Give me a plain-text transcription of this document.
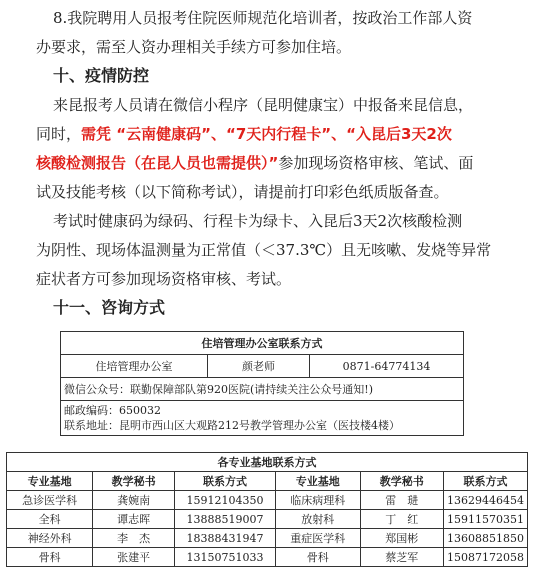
8.我院聘用人员报考住院医师规范化培训者，按政治工作部人资
办要求，需至人资办理相关手续方可参加住培。
十、疫情防控
来昆报考人员请在微信小程序（昆明健康宝）中报备来昆信息，
同时，需凭 “云南健康码”、“7天内行程卡”、“入昆后3天2次
核酸检测报告（在昆人员也需提供）”参加现场资格审核、笔试、面
试及技能考核（以下简称考试），请提前打印彩色纸质版备查。
考试时健康码为绿码、行程卡为绿卡、入昆后3天2次核酸检测
为阴性、现场体温测量为正常值（＜37.3℃）且无咳嗽、发烧等异常
症状者方可参加现场资格审核、考试。
十一、咨询方式
住培管理办公室联系方式
住培管理办公室	颜老师	0871-64774134
微信公众号：联勤保障部队第920医院(请持续关注公众号通知!)

邮政编码：650032
联系地址：昆明市西山区大观路212号教学管理办公室（医技楼4楼）
各专业基地联系方式					
专业基地	教学秘书	联系方式	专业基地	教学秘书	联系方式
急诊医学科	龚婉南	15912104350	临床病理科	雷　琎	13629446454
全科	谭志晖	13888519007	放射科	丁　红	15911570351
神经外科	李　杰	18388431947	重症医学科	郑国彬	13608851850
骨科	张建平	13150751033	骨科	蔡芝军	15087172058
